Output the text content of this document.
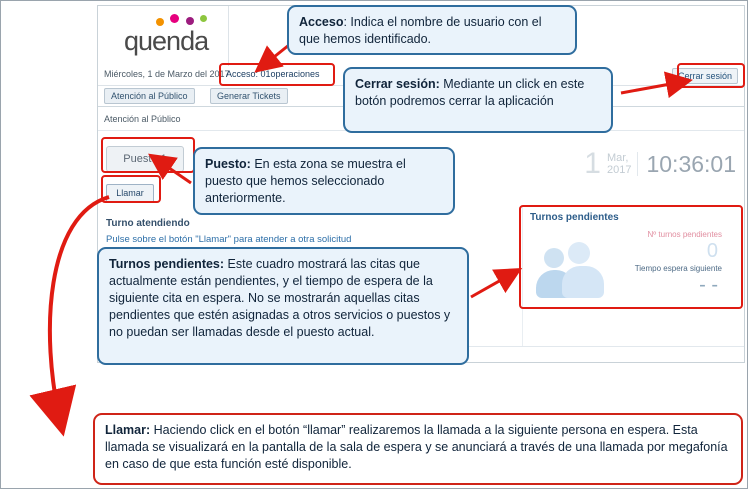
quenda
Miércoles, 1 de Marzo del 2017
Acceso: 01operaciones	Cerrar sesión
Atención al Público	Generar Tickets
Atención al Público
Puesto 1
Llamar
1 Mar,
2017 10:36:01
Turno atendiendo
Pulse sobre el botón "Llamar" para atender a otra solicitud
Turnos pendientes
Nº turnos pendientes
0
Tiempo espera siguiente
- -
Acceso: Indica el nombre de usuario con el que hemos identificado.
Cerrar sesión: Mediante un click en este botón podremos cerrar la aplicación
Puesto: En esta zona se muestra el puesto que hemos seleccionado anteriormente.
Turnos pendientes: Este cuadro mostrará las citas que actualmente están pendientes, y el tiempo de espera de la siguiente cita en espera. No se mostrarán aquellas citas pendientes que estén asignadas a otros servicios o puestos y no puedan ser llamadas desde el puesto actual.
Llamar: Haciendo click en el botón “llamar” realizaremos la llamada a la siguiente persona en espera. Esta llamada se visualizará en la pantalla de la sala de espera y se anunciará a través de una llamada por megafonía en caso de que esta función esté disponible.
